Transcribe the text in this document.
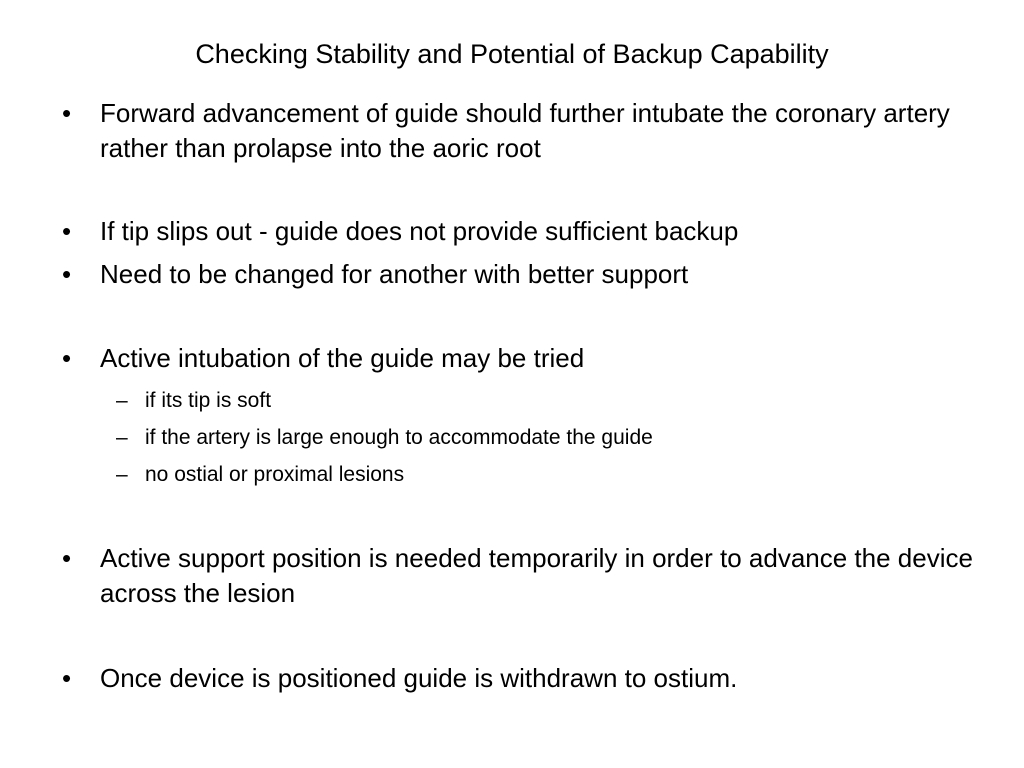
Checking Stability and Potential of Backup Capability
•	Forward advancement of guide should further intubate the coronary artery rather than prolapse into the aoric root
•	If tip slips out - guide does not provide sufficient backup
•	Need to be changed for another with better support
•	Active intubation of the guide may be tried
– if its tip is soft
– if the artery is large enough to accommodate the guide
– no ostial or proximal lesions
•	Active support position is needed temporarily in order to advance the device across the lesion
•	Once device is positioned guide is withdrawn to ostium.
